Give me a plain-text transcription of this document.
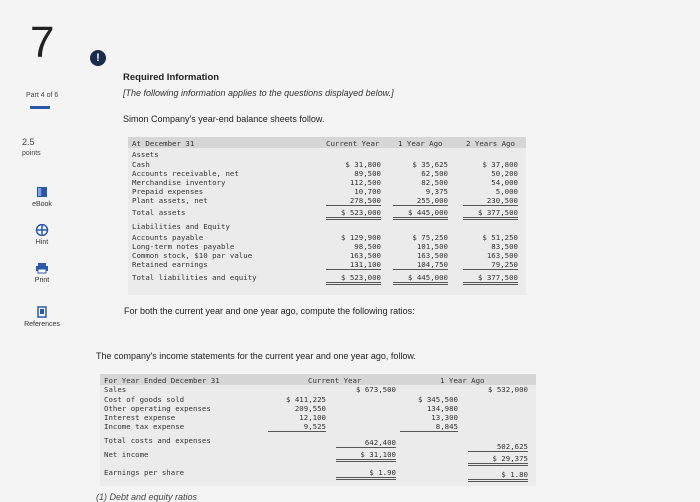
7
Part 4 of 6
2.5
points
eBook
Hint
Print
References
!
Required Information
[The following information applies to the questions displayed below.]
Simon Company's year-end balance sheets follow.
At December 31	Current Year	1 Year Ago	2 Years Ago
Assets
Cash	$ 31,800	$ 35,625	$ 37,800
Accounts receivable, net	89,500	62,500	50,200
Merchandise inventory	112,500	82,500	54,000
Prepaid expenses	10,700	9,375	5,000
Plant assets, net	278,500	255,000	230,500
Total assets	$ 523,000	$ 445,000	$ 377,500
Liabilities and Equity
Accounts payable	$ 129,900	$ 75,250	$ 51,250
Long-term notes payable	98,500	101,500	83,500
Common stock, $10 par value	163,500	163,500	163,500
Retained earnings	131,100	104,750	79,250
Total liabilities and equity	$ 523,000	$ 445,000	$ 377,500
For both the current year and one year ago, compute the following ratios:
The company's income statements for the current year and one year ago, follow.
For Year Ended December 31	Current Year	1 Year Ago
Sales	$ 673,500	$ 532,000
Cost of goods sold	$ 411,225	$ 345,500
Other operating expenses	209,550	134,980
Interest expense	12,100	13,300
Income tax expense	9,525	8,845
Total costs and expenses	642,400	502,625
Net income	$ 31,100	$ 29,375
Earnings per share	$ 1.90	$ 1.80
(1) Debt and equity ratios
